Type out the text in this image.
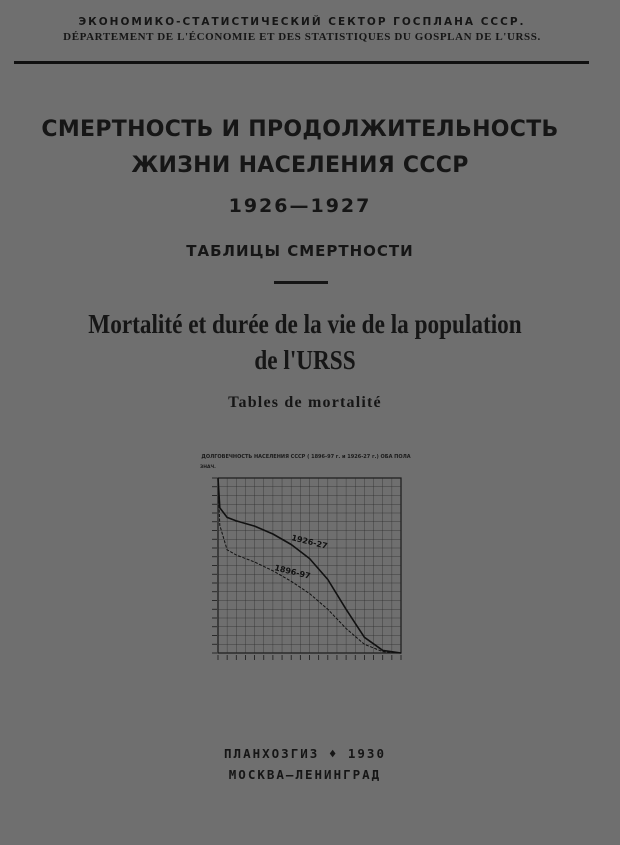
ЭКОНОМИКО-СТАТИСТИЧЕСКИЙ СЕКТОР ГОСПЛАНА СССР.
DÉPARTEMENT DE L'ÉCONOMIE ET DES STATISTIQUES DU GOSPLAN DE L'URSS.
СМЕРТНОСТЬ И ПРОДОЛЖИТЕЛЬНОСТЬ
ЖИЗНИ НАСЕЛЕНИЯ СССР
1926—1927
ТАБЛИЦЫ СМЕРТНОСТИ
Mortalité et durée de la vie de la population
de l'URSS
Tables de mortalité
ДОЛГОВЕЧНОСТЬ НАСЕЛЕНИЯ СССР ( 1896-97 г. и 1926-27 г.) ОБА ПОЛА
ЗНАЧ.
1926-27
1896-97
ПЛАНХОЗГИЗ ♦ 1930
МОСКВА—ЛЕНИНГРАД
